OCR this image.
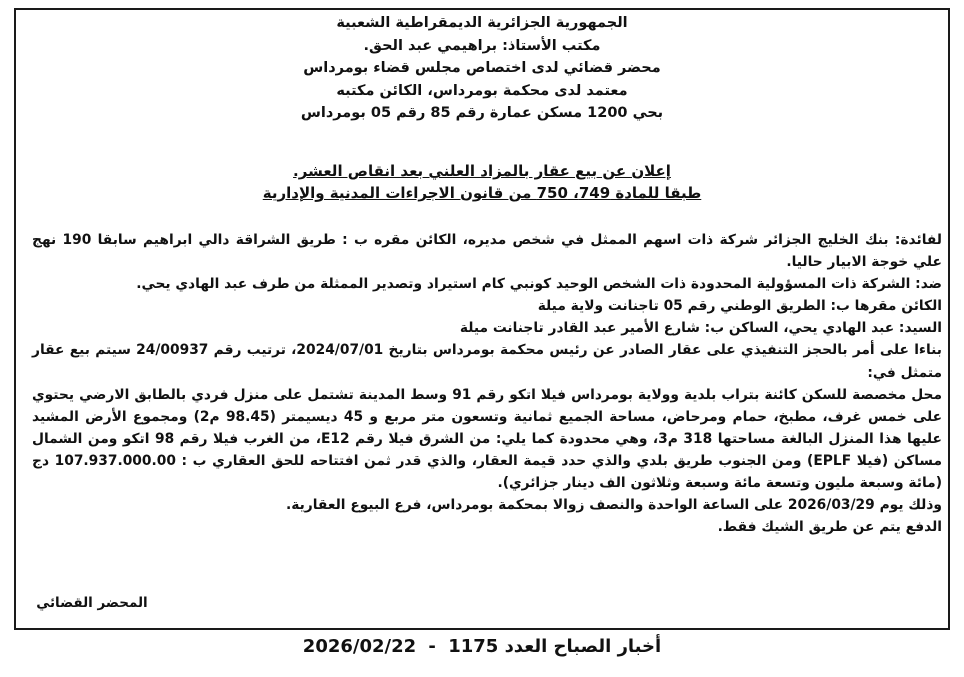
الجمهورية الجزائرية الديمقراطية الشعبية
مكتب الأستاذ: براهيمي عبد الحق.
محضر قضائي لدى اختصاص مجلس قضاء بومرداس
معتمد لدى محكمة بومرداس، الكائن مكتبه
بحي 1200 مسكن عمارة رقم 85 رقم 05 بومرداس
إعلان عن بيع عقار بالمزاد العلني بعد انقاص العشر.
طبقا للمادة 749، 750 من قانون الاجراءات المدنية والإدارية
لفائدة: بنك الخليج الجزائر شركة ذات اسهم الممثل في شخص مديره، الكائن مقره ب : طريق الشراقة دالي ابراهيم سابقا 190 نهج علي خوجة الابيار حاليا.
ضد: الشركة ذات المسؤولية المحدودة ذات الشخص الوحيد كونبي كام استيراد وتصدير الممثلة من طرف عبد الهادي يحي.
الكائن مقرها ب: الطريق الوطني رقم 05 تاجنانت ولاية ميلة
السيد: عبد الهادي يحي، الساكن ب: شارع الأمير عبد القادر تاجنانت ميلة
بناءا على أمر بالحجز التنفيذي على عقار الصادر عن رئيس محكمة بومرداس بتاريخ 2024/07/01، ترتيب رقم 24/00937 سيتم بيع عقار متمثل في:
محل مخصصة للسكن كائنة بتراب بلدية وولاية بومرداس فيلا اتكو رقم 91 وسط المدينة تشتمل على منزل فردي بالطابق الارضي يحتوي على خمس غرف، مطبخ، حمام ومرحاض، مساحة الجميع ثمانية وتسعون متر مربع و 45 ديسيمتر (98.45 م2) ومجموع الأرض المشيد عليها هذا المنزل البالغة مساحتها 318 م3، وهي محدودة كما يلي: من الشرق فيلا رقم E12، من الغرب فيلا رقم 98 اتكو ومن الشمال مساكن (فيلا EPLF) ومن الجنوب طريق بلدي والذي حدد قيمة العقار، والذي قدر ثمن افتتاحه للحق العقاري ب : 107.937.000.00 دج (مائة وسبعة مليون وتسعة مائة وسبعة وثلاثون الف دينار جزائري).
وذلك يوم 2026/03/29 على الساعة الواحدة والنصف زوالا بمحكمة بومرداس، فرع البيوع العقارية.
الدفع يتم عن طريق الشيك فقط.
المحضر القضائي
أخبار الصباح العدد 1175 - 2026/02/22
